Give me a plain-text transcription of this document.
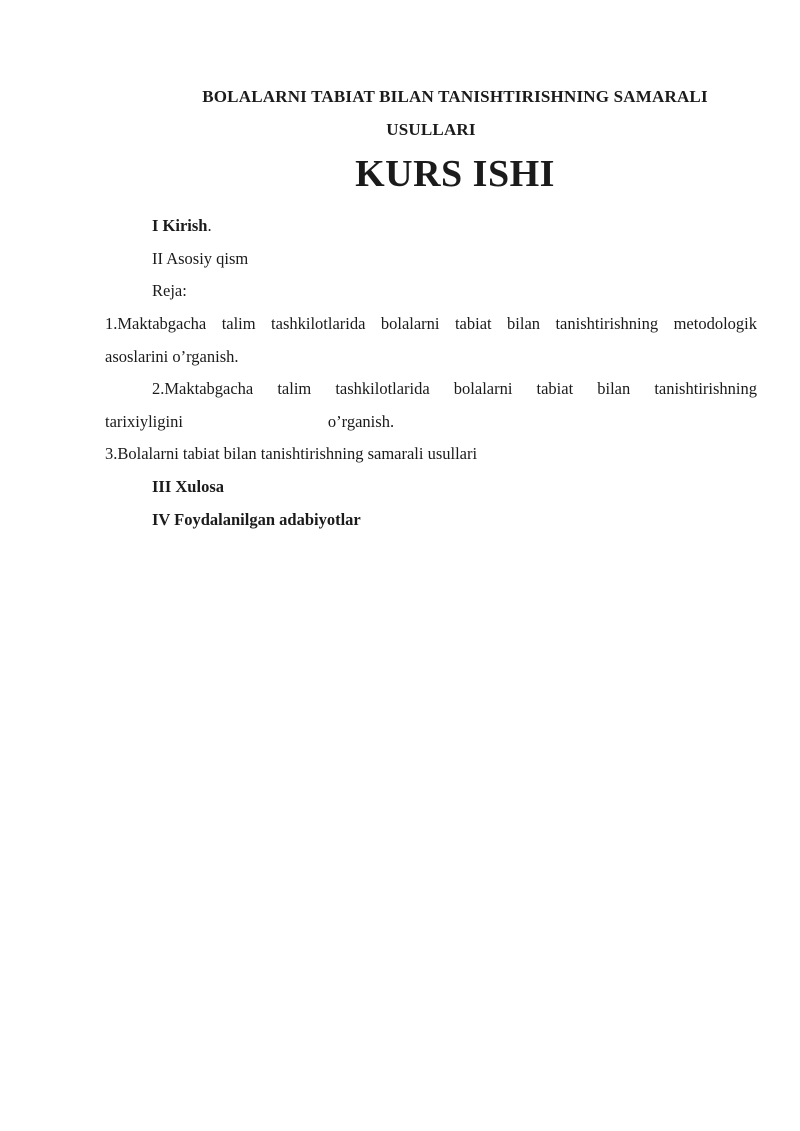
BOLALARNI TABIAT BILAN TANISHTIRISHNING SAMARALI
USULLARI
KURS ISHI
I Kirish.
II Asosiy qism
Reja:
1.Maktabgacha talim tashkilotlarida bolalarni tabiat bilan tanishtirishning metodologik
asoslarini o’rganish.
2.Maktabgacha talim tashkilotlarida bolalarni tabiat bilan tanishtirishning
tarixiyligini	o’rganish.
3.Bolalarni tabiat bilan tanishtirishning samarali usullari
III Xulosa
IV Foydalanilgan adabiyotlar
